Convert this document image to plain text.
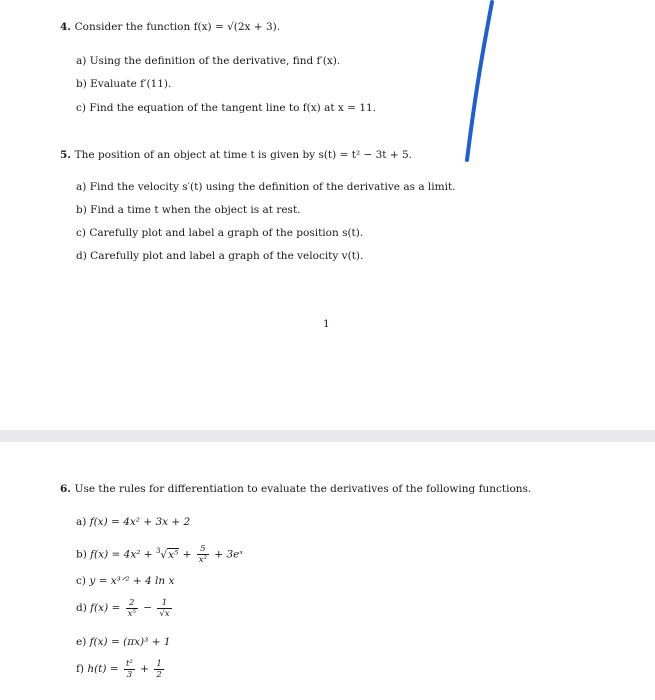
4. Consider the function f(x) = √(2x + 3).
a) Using the definition of the derivative, find f′(x).
b) Evaluate f′(11).
c) Find the equation of the tangent line to f(x) at x = 11.
5. The position of an object at time t is given by s(t) = t² − 3t + 5.
a) Find the velocity s′(t) using the definition of the derivative as a limit.
b) Find a time t when the object is at rest.
c) Carefully plot and label a graph of the position s(t).
d) Carefully plot and label a graph of the velocity v(t).
1
6. Use the rules for differentiation to evaluate the derivatives of the following functions.
a) f(x) = 4x² + 3x + 2
b) $f(x) = 4x^2 + ^3√x^5 + \frac{5}{\text{x²}}$ + 3eˣ
c) y = x³ᐟ² + 4 ln x
d) $f(x) = \frac{2}{\text{x⁵}} - \frac{1}{√x}$
e) f(x) = (πx)³ + 1
f) $h(t) = \frac{\text{t²}}{3} + \frac{1}{2}$
